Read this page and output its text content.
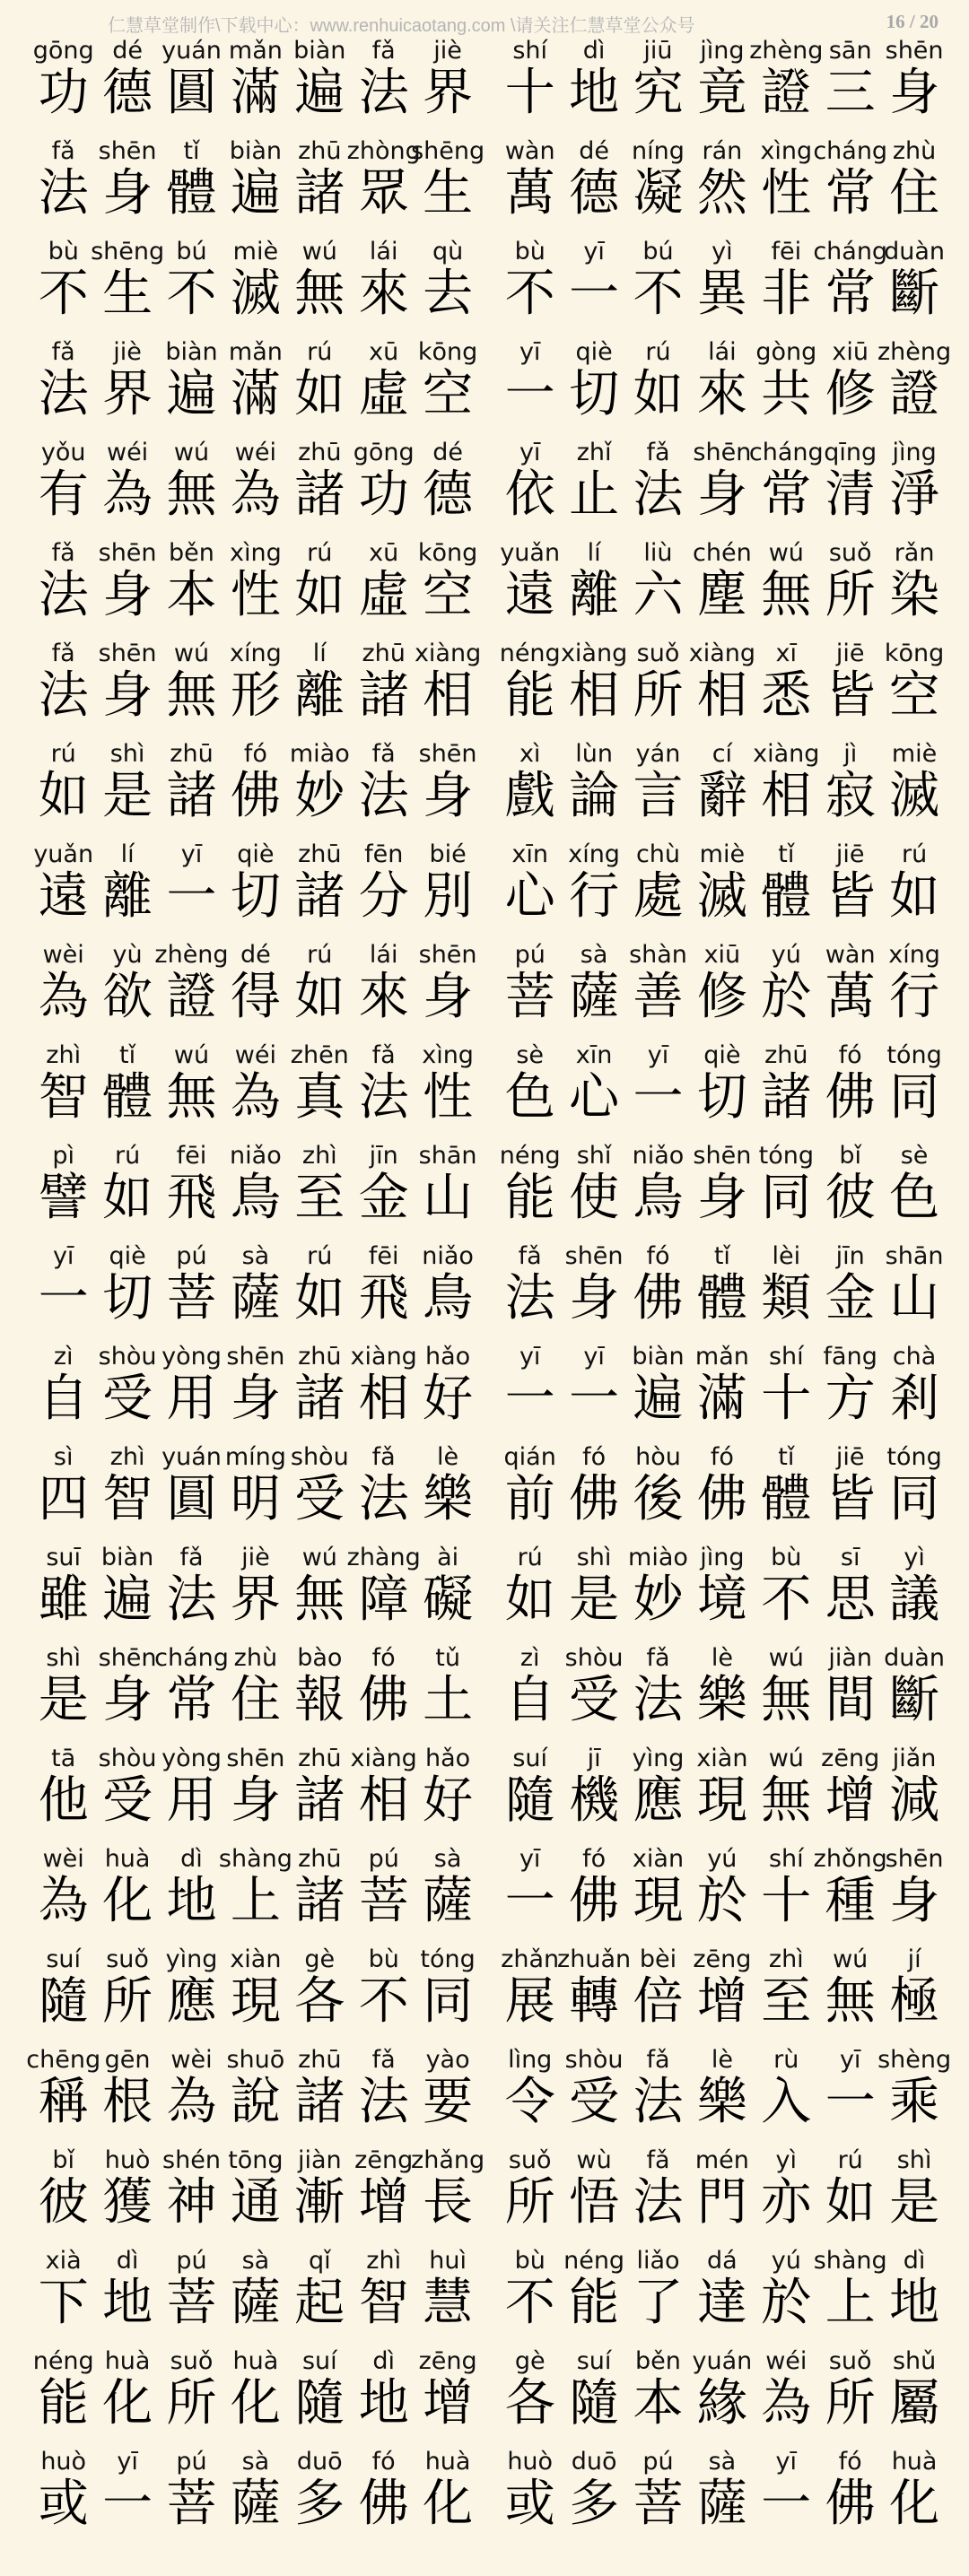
仁慧草堂制作\下载中心：www.renhuicaotang.com \请关注仁慧草堂公众号	16 / 20
gōng
功
dé
德
yuán
圓
mǎn
滿
biàn
遍
fǎ
法
jiè
界
shí
十
dì
地
jiū
究
jìng
竟
zhèng
證
sān
三
shēn
身
fǎ
法
shēn
身
tǐ
體
biàn
遍
zhū
諸
zhòng
眾
shēng
生
wàn
萬
dé
德
níng
凝
rán
然
xìng
性
cháng
常
zhù
住
bù
不
shēng
生
bú
不
miè
滅
wú
無
lái
來
qù
去
bù
不
yī
一
bú
不
yì
異
fēi
非
cháng
常
duàn
斷
fǎ
法
jiè
界
biàn
遍
mǎn
滿
rú
如
xū
虛
kōng
空
yī
一
qiè
切
rú
如
lái
來
gòng
共
xiū
修
zhèng
證
yǒu
有
wéi
為
wú
無
wéi
為
zhū
諸
gōng
功
dé
德
yī
依
zhǐ
止
fǎ
法
shēn
身
cháng
常
qīng
清
jìng
淨
fǎ
法
shēn
身
běn
本
xìng
性
rú
如
xū
虛
kōng
空
yuǎn
遠
lí
離
liù
六
chén
塵
wú
無
suǒ
所
rǎn
染
fǎ
法
shēn
身
wú
無
xíng
形
lí
離
zhū
諸
xiàng
相
néng
能
xiàng
相
suǒ
所
xiàng
相
xī
悉
jiē
皆
kōng
空
rú
如
shì
是
zhū
諸
fó
佛
miào
妙
fǎ
法
shēn
身
xì
戲
lùn
論
yán
言
cí
辭
xiàng
相
jì
寂
miè
滅
yuǎn
遠
lí
離
yī
一
qiè
切
zhū
諸
fēn
分
bié
別
xīn
心
xíng
行
chù
處
miè
滅
tǐ
體
jiē
皆
rú
如
wèi
為
yù
欲
zhèng
證
dé
得
rú
如
lái
來
shēn
身
pú
菩
sà
薩
shàn
善
xiū
修
yú
於
wàn
萬
xíng
行
zhì
智
tǐ
體
wú
無
wéi
為
zhēn
真
fǎ
法
xìng
性
sè
色
xīn
心
yī
一
qiè
切
zhū
諸
fó
佛
tóng
同
pì
譬
rú
如
fēi
飛
niǎo
鳥
zhì
至
jīn
金
shān
山
néng
能
shǐ
使
niǎo
鳥
shēn
身
tóng
同
bǐ
彼
sè
色
yī
一
qiè
切
pú
菩
sà
薩
rú
如
fēi
飛
niǎo
鳥
fǎ
法
shēn
身
fó
佛
tǐ
體
lèi
類
jīn
金
shān
山
zì
自
shòu
受
yòng
用
shēn
身
zhū
諸
xiàng
相
hǎo
好
yī
一
yī
一
biàn
遍
mǎn
滿
shí
十
fāng
方
chà
剎
sì
四
zhì
智
yuán
圓
míng
明
shòu
受
fǎ
法
lè
樂
qián
前
fó
佛
hòu
後
fó
佛
tǐ
體
jiē
皆
tóng
同
suī
雖
biàn
遍
fǎ
法
jiè
界
wú
無
zhàng
障
ài
礙
rú
如
shì
是
miào
妙
jìng
境
bù
不
sī
思
yì
議
shì
是
shēn
身
cháng
常
zhù
住
bào
報
fó
佛
tǔ
土
zì
自
shòu
受
fǎ
法
lè
樂
wú
無
jiàn
間
duàn
斷
tā
他
shòu
受
yòng
用
shēn
身
zhū
諸
xiàng
相
hǎo
好
suí
隨
jī
機
yìng
應
xiàn
現
wú
無
zēng
增
jiǎn
減
wèi
為
huà
化
dì
地
shàng
上
zhū
諸
pú
菩
sà
薩
yī
一
fó
佛
xiàn
現
yú
於
shí
十
zhǒng
種
shēn
身
suí
隨
suǒ
所
yìng
應
xiàn
現
gè
各
bù
不
tóng
同
zhǎn
展
zhuǎn
轉
bèi
倍
zēng
增
zhì
至
wú
無
jí
極
chēng
稱
gēn
根
wèi
為
shuō
說
zhū
諸
fǎ
法
yào
要
lìng
令
shòu
受
fǎ
法
lè
樂
rù
入
yī
一
shèng
乘
bǐ
彼
huò
獲
shén
神
tōng
通
jiàn
漸
zēng
增
zhǎng
長
suǒ
所
wù
悟
fǎ
法
mén
門
yì
亦
rú
如
shì
是
xià
下
dì
地
pú
菩
sà
薩
qǐ
起
zhì
智
huì
慧
bù
不
néng
能
liǎo
了
dá
達
yú
於
shàng
上
dì
地
néng
能
huà
化
suǒ
所
huà
化
suí
隨
dì
地
zēng
增
gè
各
suí
隨
běn
本
yuán
緣
wéi
為
suǒ
所
shǔ
屬
huò
或
yī
一
pú
菩
sà
薩
duō
多
fó
佛
huà
化
huò
或
duō
多
pú
菩
sà
薩
yī
一
fó
佛
huà
化
